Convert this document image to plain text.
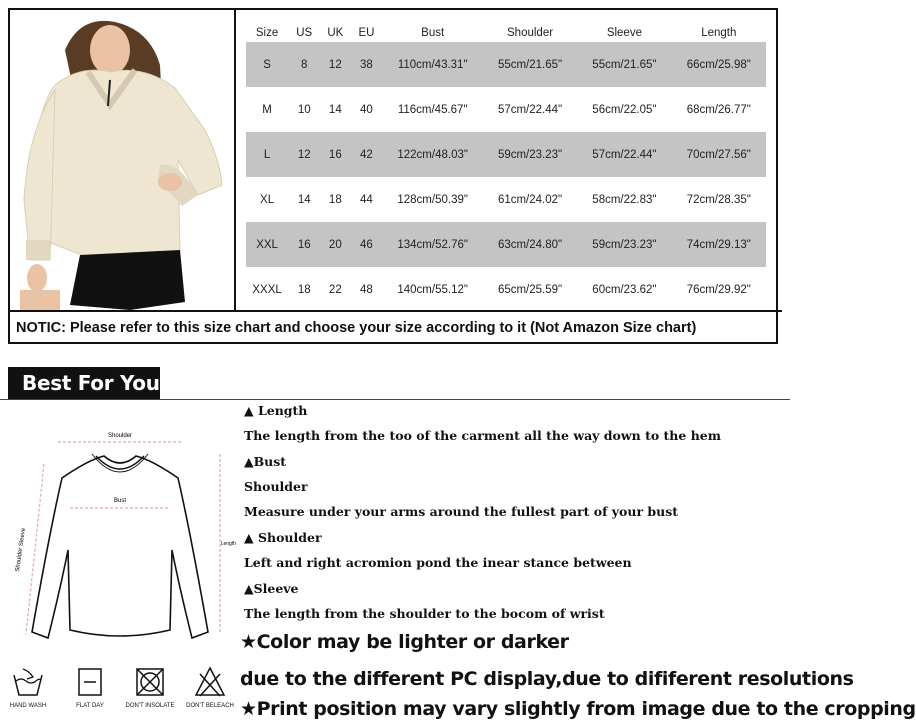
Size	US	UK	EU	Bust	Shoulder	Sleeve	Length
S	8	12	38	110cm/43.31"	55cm/21.65"	55cm/21.65"	66cm/25.98"
M	10	14	40	116cm/45.67"	57cm/22.44"	56cm/22.05"	68cm/26.77"
L	12	16	42	122cm/48.03"	59cm/23.23"	57cm/22.44"	70cm/27.56"
XL	14	18	44	128cm/50.39"	61cm/24.02"	58cm/22.83"	72cm/28.35"
XXL	16	20	46	134cm/52.76"	63cm/24.80"	59cm/23.23"	74cm/29.13"
XXXL	18	22	48	140cm/55.12"	65cm/25.59"	60cm/23.62"	76cm/29.92"
NOTIC: Please refer to this size chart and choose your size according to it (Not Amazon Size chart)
Best For You
Shoulder
Bust
Shoulder Sleeve	Length
▲ Length
The length from the too of the carment all the way down to the hem
▲Bust
Shoulder
Measure under your arms around the fullest part of your bust
▲ Shoulder
Left and right acromion pond the inear stance between
▲Sleeve
The length from the shoulder to the bocom of wrist
★Color may be lighter or darker
due to the different PC display,due to dififerent resolutions
★Print position may vary slightly from image due to the cropping
HAND WASH	FLAT DAY	DON'T INSOLATE DON'T BELEACH
